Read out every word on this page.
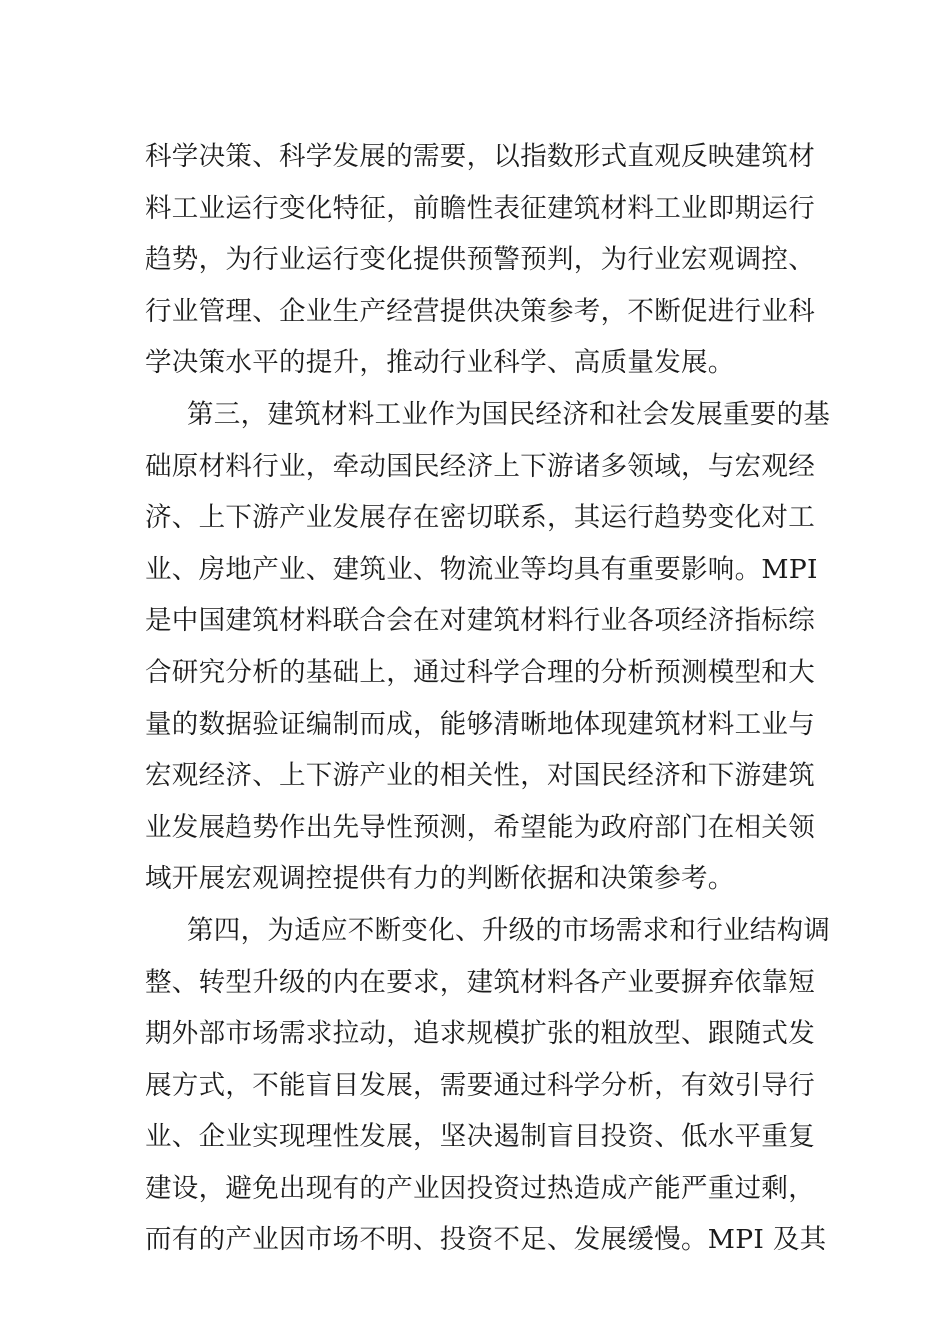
科学决策、科学发展的需要，以指数形式直观反映建筑材
料工业运行变化特征，前瞻性表征建筑材料工业即期运行
趋势，为行业运行变化提供预警预判，为行业宏观调控、
行业管理、企业生产经营提供决策参考，不断促进行业科
学决策水平的提升，推动行业科学、高质量发展。
第三，建筑材料工业作为国民经济和社会发展重要的基
础原材料行业，牵动国民经济上下游诸多领域，与宏观经
济、上下游产业发展存在密切联系，其运行趋势变化对工
业、房地产业、建筑业、物流业等均具有重要影响。MPI
是中国建筑材料联合会在对建筑材料行业各项经济指标综
合研究分析的基础上，通过科学合理的分析预测模型和大
量的数据验证编制而成，能够清晰地体现建筑材料工业与
宏观经济、上下游产业的相关性，对国民经济和下游建筑
业发展趋势作出先导性预测，希望能为政府部门在相关领
域开展宏观调控提供有力的判断依据和决策参考。
第四，为适应不断变化、升级的市场需求和行业结构调
整、转型升级的内在要求，建筑材料各产业要摒弃依靠短
期外部市场需求拉动，追求规模扩张的粗放型、跟随式发
展方式，不能盲目发展，需要通过科学分析，有效引导行
业、企业实现理性发展，坚决遏制盲目投资、低水平重复
建设，避免出现有的产业因投资过热造成产能严重过剩，
而有的产业因市场不明、投资不足、发展缓慢。MPI 及其
